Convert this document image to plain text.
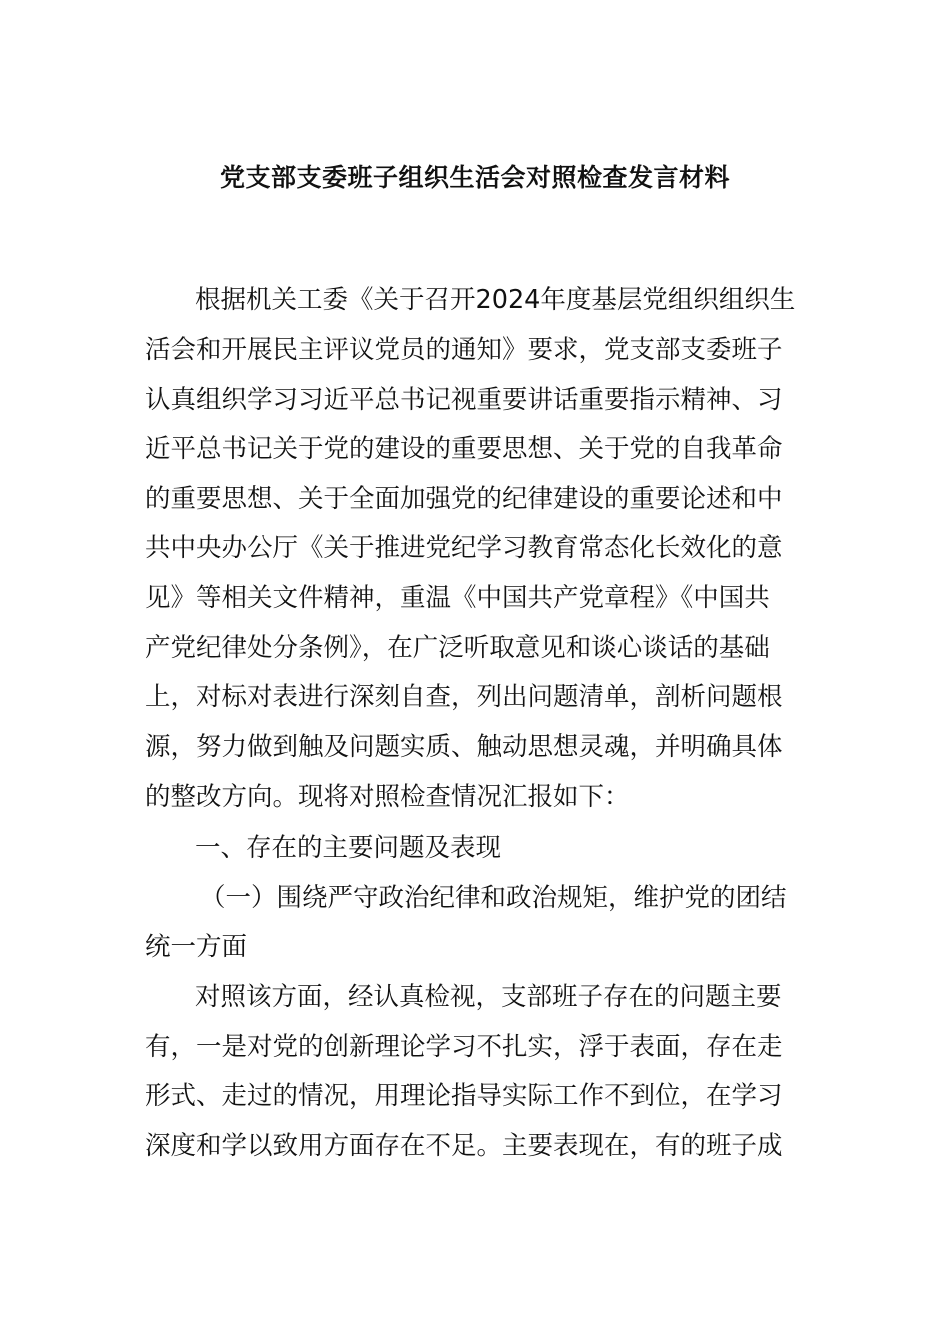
党支部支委班子组织生活会对照检查发言材料
根据机关工委《关于召开2024年度基层党组织组织生
活会和开展民主评议党员的通知》要求，党支部支委班子
认真组织学习习近平总书记视重要讲话重要指示精神、习
近平总书记关于党的建设的重要思想、关于党的自我革命
的重要思想、关于全面加强党的纪律建设的重要论述和中
共中央办公厅《关于推进党纪学习教育常态化长效化的意
见》等相关文件精神，重温《中国共产党章程》《中国共
产党纪律处分条例》，在广泛听取意见和谈心谈话的基础
上，对标对表进行深刻自查，列出问题清单，剖析问题根
源，努力做到触及问题实质、触动思想灵魂，并明确具体
的整改方向。现将对照检查情况汇报如下：
一、存在的主要问题及表现
（一）围绕严守政治纪律和政治规矩，维护党的团结
统一方面
对照该方面，经认真检视，支部班子存在的问题主要
有，一是对党的创新理论学习不扎实，浮于表面，存在走
形式、走过的情况，用理论指导实际工作不到位，在学习
深度和学以致用方面存在不足。主要表现在，有的班子成
